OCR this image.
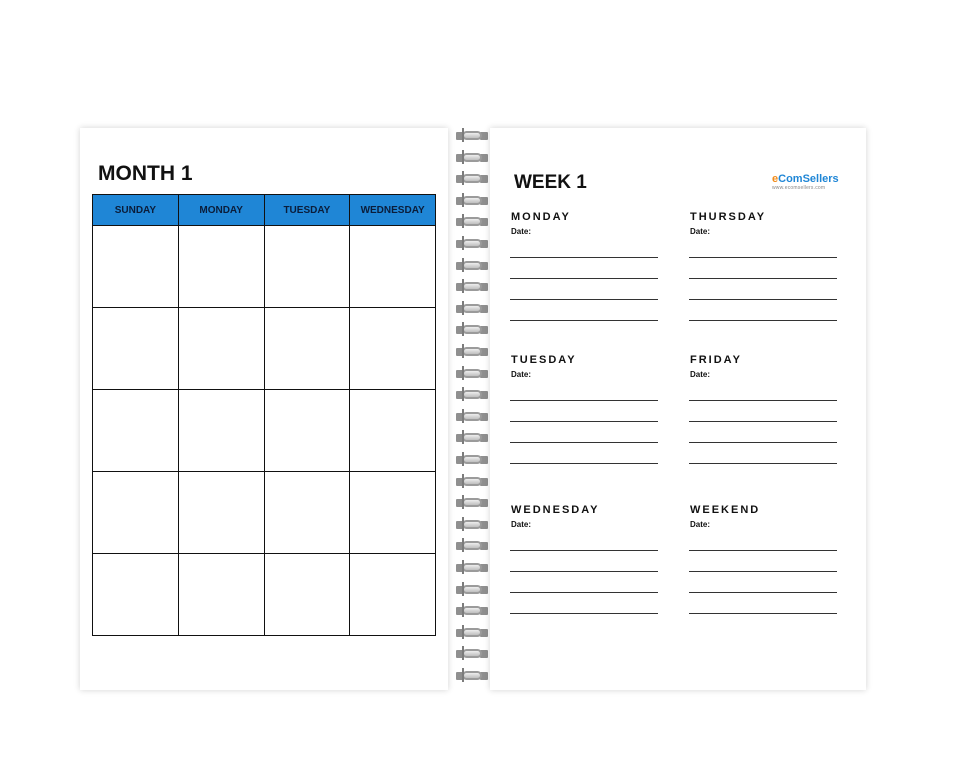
MONTH 1
SUNDAY	MONDAY	TUESDAY	WEDNESDAY

WEEK 1	eComSellers
www.ecomsellers.com
MONDAY
Date:
THURSDAY
Date:
TUESDAY
Date:
FRIDAY
Date:
WEDNESDAY
Date:
WEEKEND
Date:
